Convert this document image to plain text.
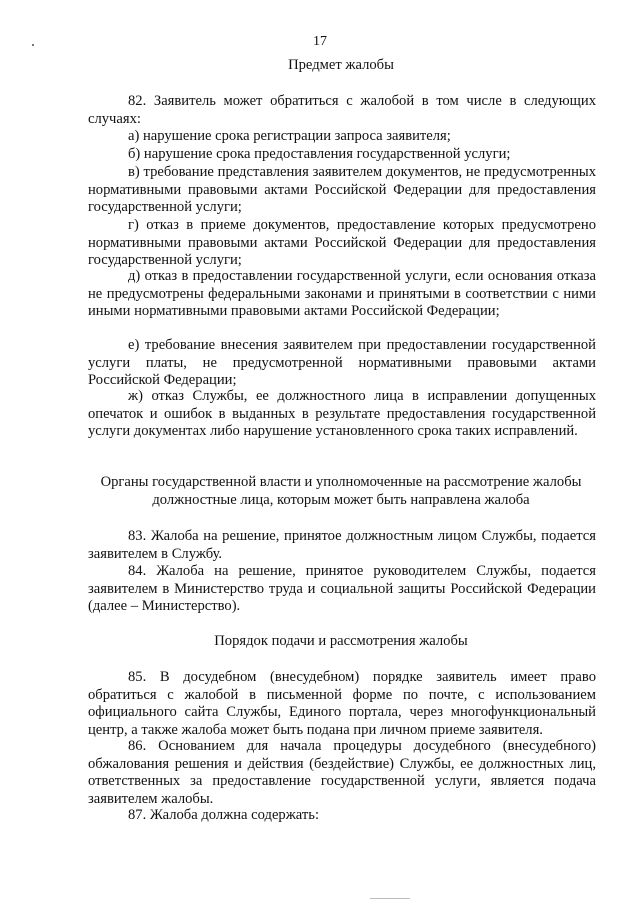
17
Предмет жалобы
82. Заявитель может обратиться с жалобой в том числе в следующих случаях:
а) нарушение срока регистрации запроса заявителя;
б) нарушение срока предоставления государственной услуги;
в) требование представления заявителем документов, не предусмотренных нормативными правовыми актами Российской Федерации для предоставления государственной услуги;
г) отказ в приеме документов, предоставление которых предусмотрено нормативными правовыми актами Российской Федерации для предоставления государственной услуги;
д) отказ в предоставлении государственной услуги, если основания отказа не предусмотрены федеральными законами и принятыми в соответствии с ними иными нормативными правовыми актами Российской Федерации;
е) требование внесения заявителем при предоставлении государственной услуги платы, не предусмотренной нормативными правовыми актами Российской Федерации;
ж) отказ Службы, ее должностного лица в исправлении допущенных опечаток и ошибок в выданных в результате предоставления государственной услуги документах либо нарушение установленного срока таких исправлений.
Органы государственной власти и уполномоченные на рассмотрение жалобы должностные лица, которым может быть направлена жалоба
83. Жалоба на решение, принятое должностным лицом Службы, подается заявителем в Службу.
84. Жалоба на решение, принятое руководителем Службы, подается заявителем в Министерство труда и социальной защиты Российской Федерации (далее – Министерство).
Порядок подачи и рассмотрения жалобы
85. В досудебном (внесудебном) порядке заявитель имеет право обратиться с жалобой в письменной форме по почте, с использованием официального сайта Службы, Единого портала, через многофункциональный центр, а также жалоба может быть подана при личном приеме заявителя.
86. Основанием для начала процедуры досудебного (внесудебного) обжалования решения и действия (бездействие) Службы, ее должностных лиц, ответственных за предоставление государственной услуги, является подача заявителем жалобы.
87. Жалоба должна содержать:
